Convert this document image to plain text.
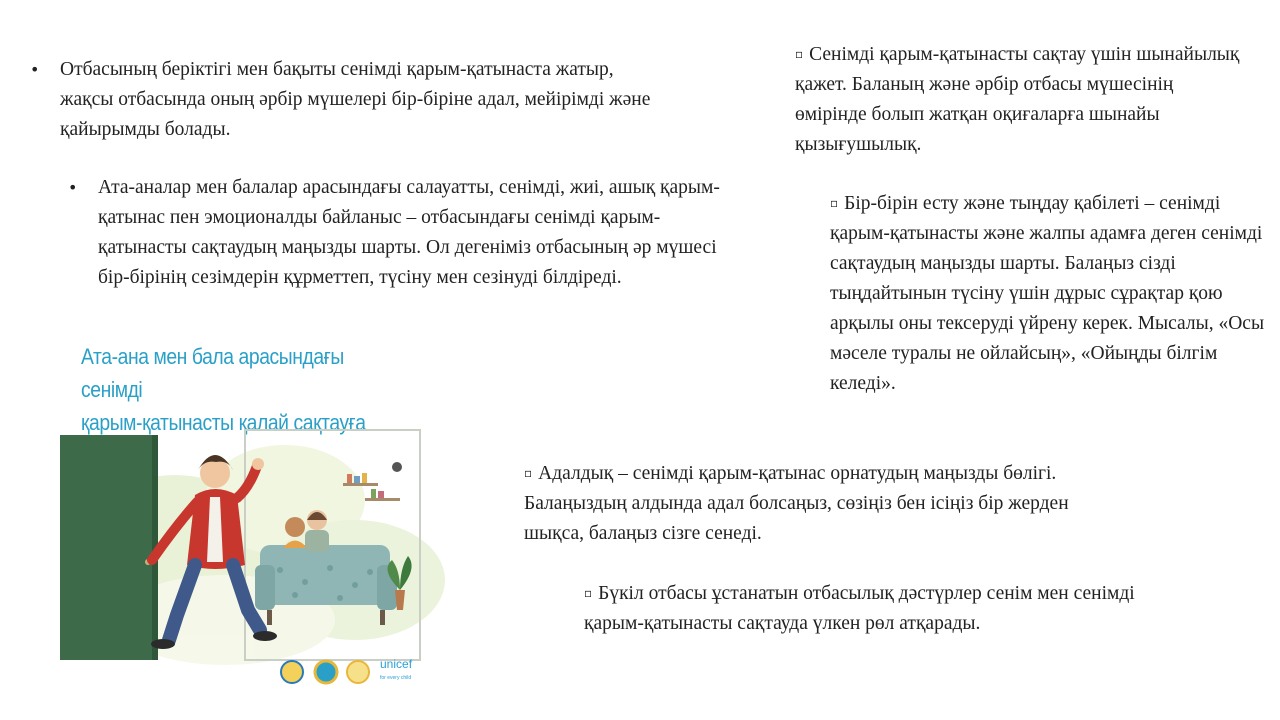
•	Отбасының беріктігі мен бақыты сенімді қарым-қатынаста жатыр, жақсы отбасында оның әрбір мүшелері бір-біріне адал, мейірімді және қайырымды болады.

•	Ата-аналар мен балалар арасындағы салауатты, сенімді, жиі, ашық қарым-қатынас пен эмоционалды байланыс – отбасындағы сенімді қарым-қатынасты сақтаудың маңызды шарты. Ол дегеніміз отбасының әр мүшесі бір-бірінің сезімдерін құрметтеп, түсіну мен сезінуді білдіреді.

▫ Сенімді қарым-қатынасты сақтау үшін шынайылық қажет. Баланың және әрбір отбасы мүшесінің өмірінде болып жатқан оқиғаларға шынайы қызығушылық.

▫ Бір-бірін есту және тыңдау қабілеті – сенімді қарым-қатынасты және жалпы адамға деген сенімді сақтаудың маңызды шарты. Балаңыз сізді тыңдайтынын түсіну үшін дұрыс сұрақтар қою арқылы оны тексеруді үйрену керек. Мысалы, «Осы мәселе туралы не ойлайсың», «Ойыңды білгім келеді».

▫ Адалдық – сенімді қарым-қатынас орнатудың маңызды бөлігі. Балаңыздың алдында адал болсаңыз, сөзіңіз бен ісіңіз бір жерден шықса, балаңыз сізге сенеді.

▫ Бүкіл отбасы ұстанатын отбасылық дәстүрлер сенім мен сенімді қарым-қатынасты сақтауда үлкен рөл атқарады.

Ата-ана мен бала арасындағы сенімді
қарым-қатынасты қалай сақтауға
unicef
for every child
